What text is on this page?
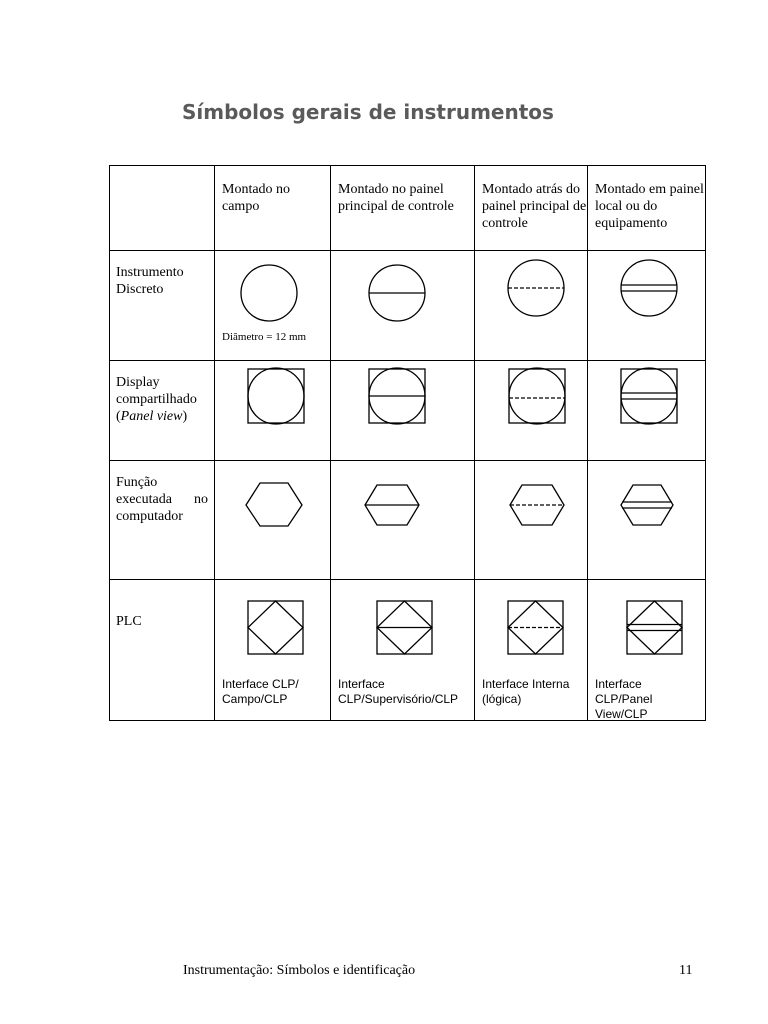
Símbolos gerais de instrumentos
	Montado no campo	Montado no painel principal de controle	Montado atrás do painel principal de controle	Montado em painel local ou do equipamento
Instrumento Discreto	Diâmetro = 12 mm

Display
compartilhado
(Panel view)

Função
executada no
computador

PLC	Interface CLP/ Campo/CLP	Interface CLP/Supervisório/CLP	Interface Interna (lógica)	Interface CLP/Panel View/CLP
Instrumentação: Símbolos e identificação	11
